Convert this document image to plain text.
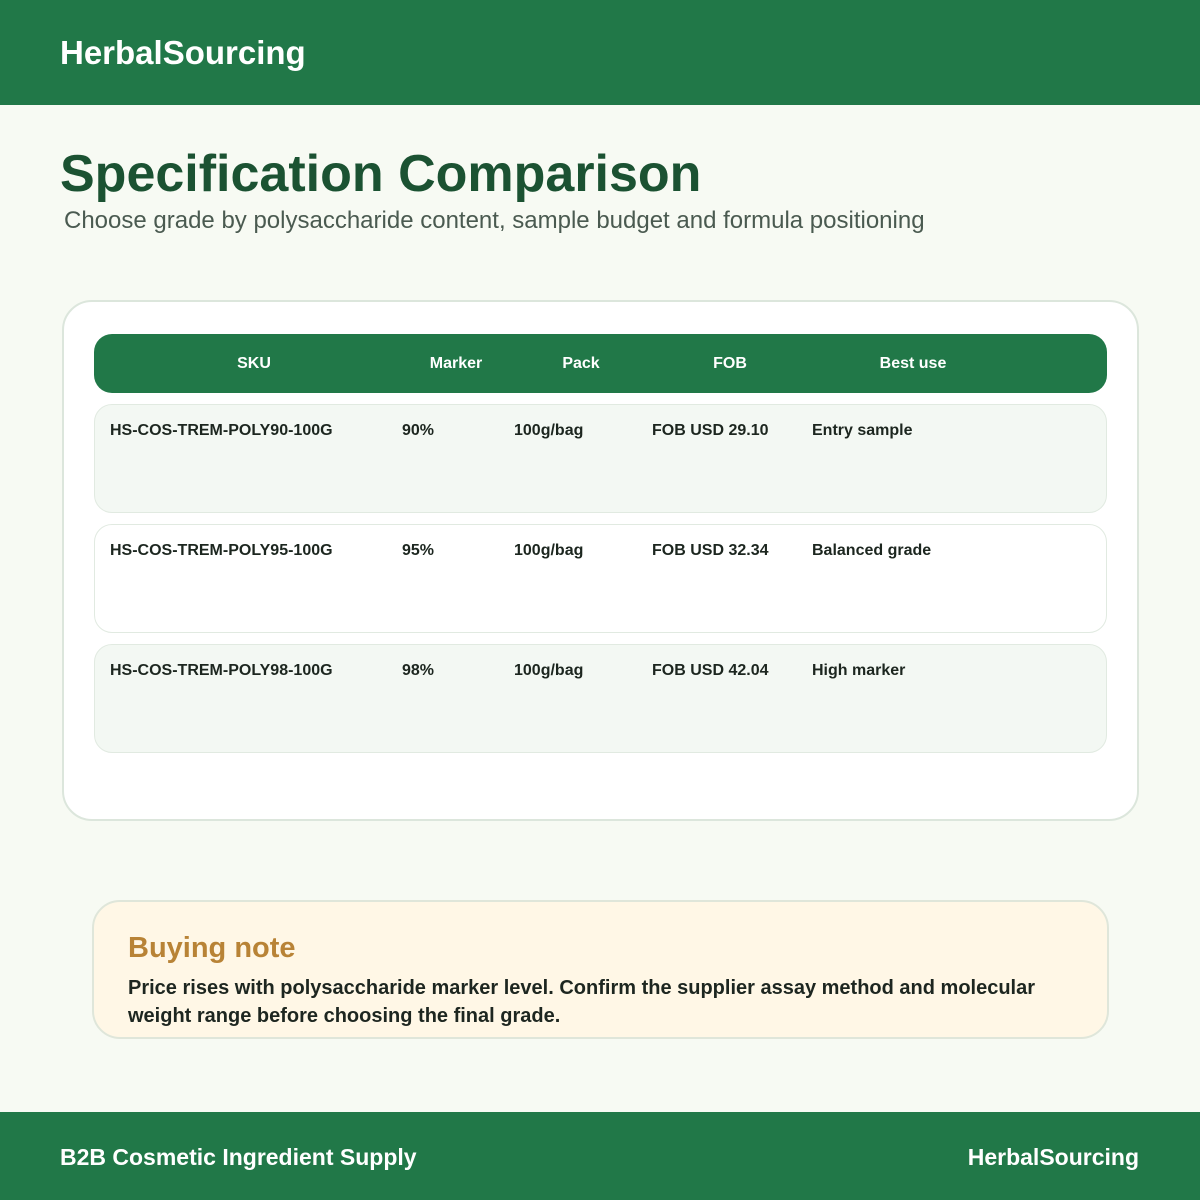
HerbalSourcing
Specification Comparison
Choose grade by polysaccharide content, sample budget and formula positioning
SKU	Marker	Pack	FOB	Best use
HS-COS-TREM-POLY90-100G	90%	100g/bag	FOB USD 29.10	Entry sample
HS-COS-TREM-POLY95-100G	95%	100g/bag	FOB USD 32.34	Balanced grade
HS-COS-TREM-POLY98-100G	98%	100g/bag	FOB USD 42.04	High marker
Buying note
Price rises with polysaccharide marker level. Confirm the supplier assay method and molecular weight range before choosing the final grade.
B2B Cosmetic Ingredient Supply	HerbalSourcing
